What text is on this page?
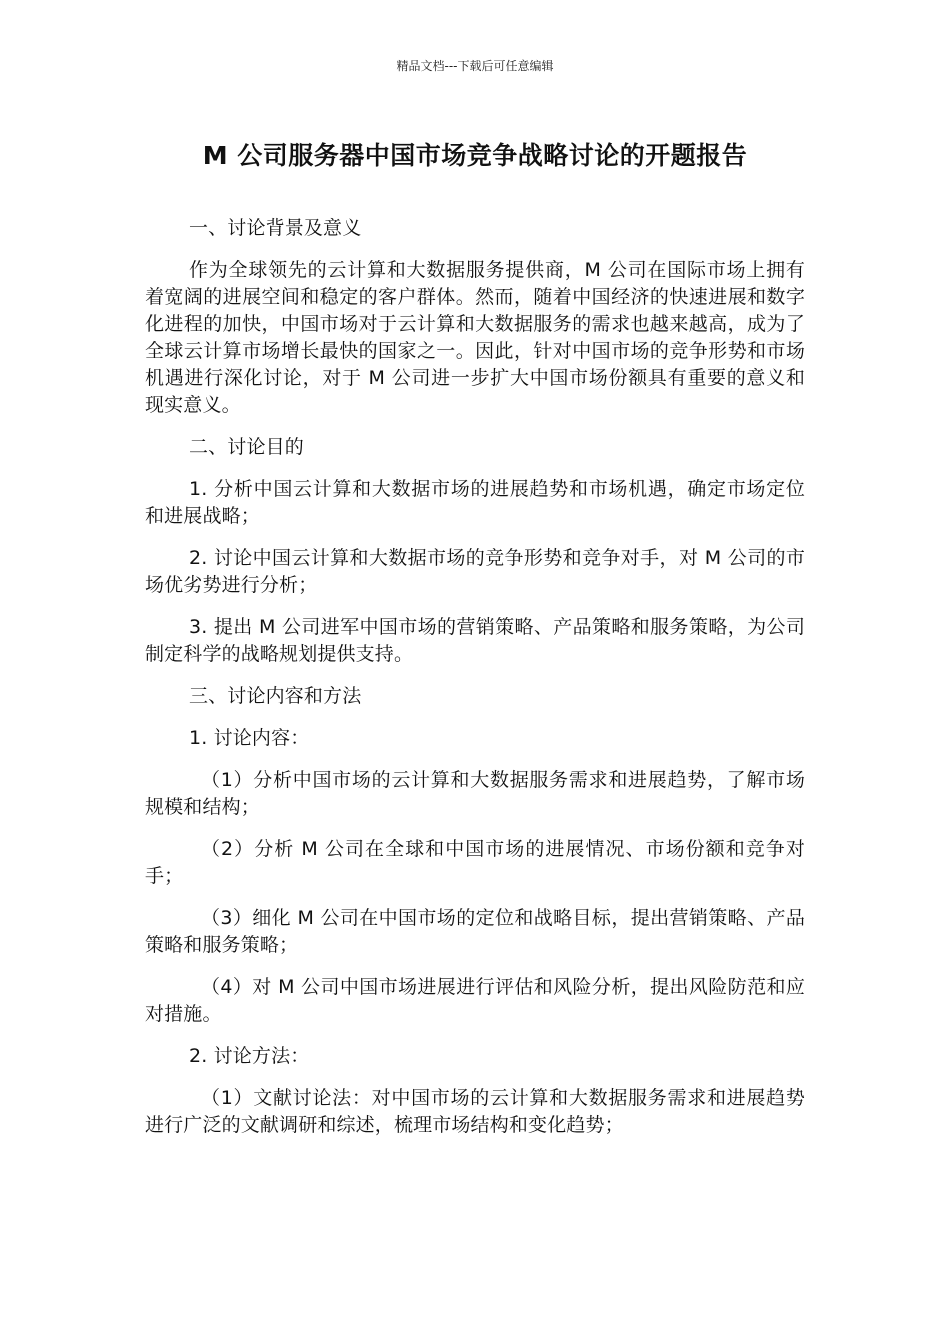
精品文档---下载后可任意编辑
M 公司服务器中国市场竞争战略讨论的开题报告

一、讨论背景及意义

作为全球领先的云计算和大数据服务提供商，M 公司在国际市场上拥有着宽阔的进展空间和稳定的客户群体。然而，随着中国经济的快速进展和数字化进程的加快，中国市场对于云计算和大数据服务的需求也越来越高，成为了全球云计算市场增长最快的国家之一。因此，针对中国市场的竞争形势和市场机遇进行深化讨论，对于 M 公司进一步扩大中国市场份额具有重要的意义和现实意义。

二、讨论目的

1. 分析中国云计算和大数据市场的进展趋势和市场机遇，确定市场定位和进展战略；

2. 讨论中国云计算和大数据市场的竞争形势和竞争对手，对 M 公司的市场优劣势进行分析；

3. 提出 M 公司进军中国市场的营销策略、产品策略和服务策略，为公司制定科学的战略规划提供支持。

三、讨论内容和方法

1. 讨论内容：

（1）分析中国市场的云计算和大数据服务需求和进展趋势，了解市场规模和结构；

（2）分析 M 公司在全球和中国市场的进展情况、市场份额和竞争对手；

（3）细化 M 公司在中国市场的定位和战略目标，提出营销策略、产品策略和服务策略；

（4）对 M 公司中国市场进展进行评估和风险分析，提出风险防范和应对措施。

2. 讨论方法：

（1）文献讨论法：对中国市场的云计算和大数据服务需求和进展趋势进行广泛的文献调研和综述，梳理市场结构和变化趋势；
